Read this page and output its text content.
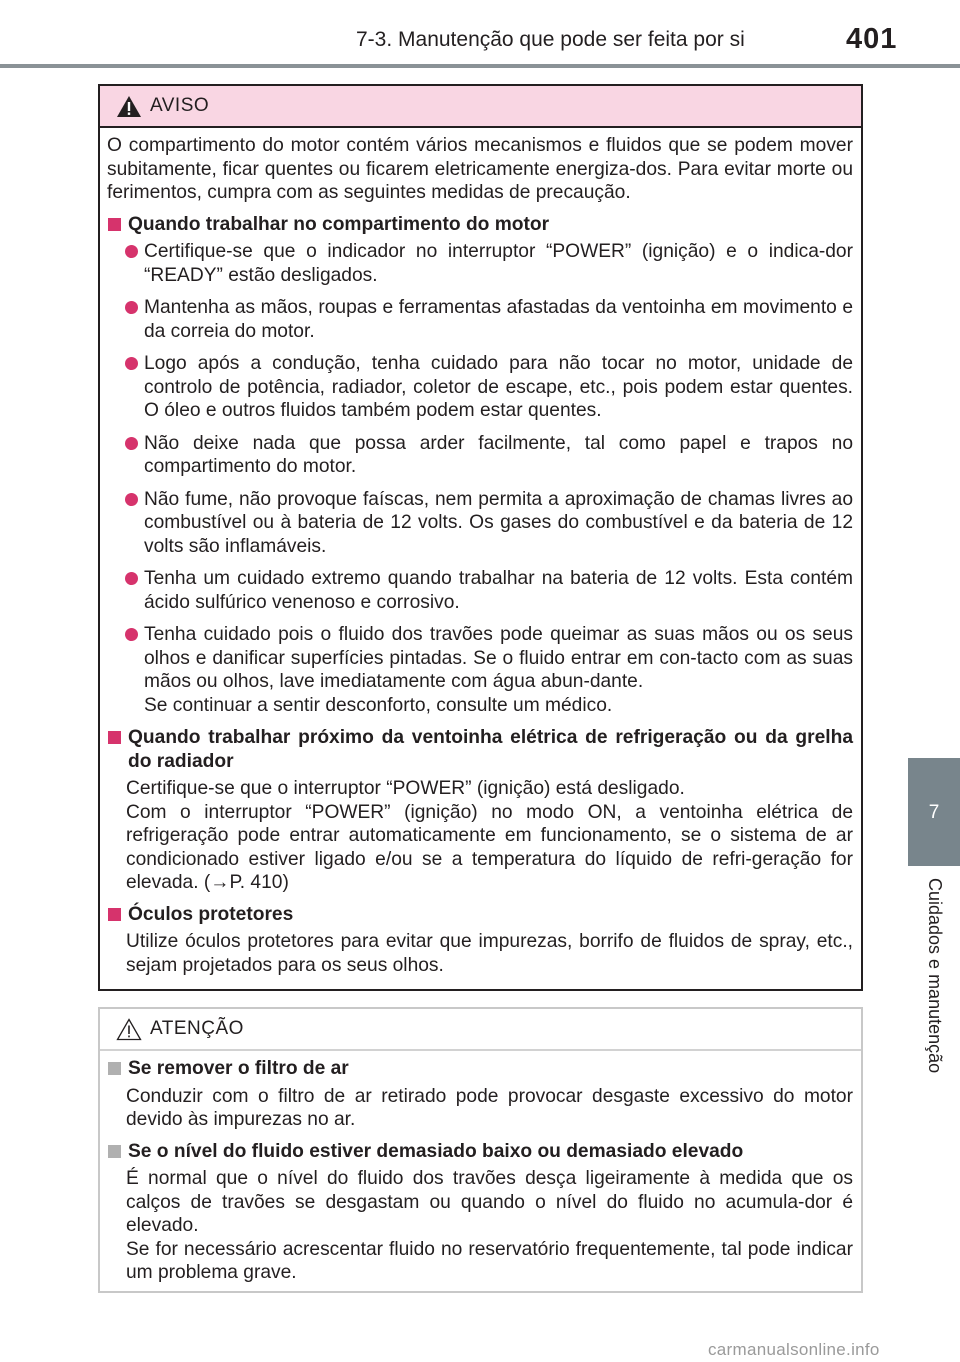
7-3. Manutenção que pode ser feita por si	401
7
Cuidados e manutenção
AVISO

O compartimento do motor contém vários mecanismos e fluidos que se podem mover subitamente, ficar quentes ou ficarem eletricamente energiza-dos. Para evitar morte ou ferimentos, cumpra com as seguintes medidas de precaução.

Quando trabalhar no compartimento do motor
Certifique-se que o indicador no interruptor “POWER” (ignição) e o indica-dor “READY” estão desligados.
Mantenha as mãos, roupas e ferramentas afastadas da ventoinha em movimento e da correia do motor.
Logo após a condução, tenha cuidado para não tocar no motor, unidade de controlo de potência, radiador, coletor de escape, etc., pois podem estar quentes. O óleo e outros fluidos também podem estar quentes.
Não deixe nada que possa arder facilmente, tal como papel e trapos no compartimento do motor.
Não fume, não provoque faíscas, nem permita a aproximação de chamas livres ao combustível ou à bateria de 12 volts. Os gases do combustível e da bateria de 12 volts são inflamáveis.
Tenha um cuidado extremo quando trabalhar na bateria de 12 volts. Esta contém ácido sulfúrico venenoso e corrosivo.
Tenha cuidado pois o fluido dos travões pode queimar as suas mãos ou os seus olhos e danificar superfícies pintadas. Se o fluido entrar em con-tacto com as suas mãos ou olhos, lave imediatamente com água abun-dante.
Se continuar a sentir desconforto, consulte um médico.
Quando trabalhar próximo da ventoinha elétrica de refrigeração ou da grelha do radiador
Certifique-se que o interruptor “POWER” (ignição) está desligado.
Com o interruptor “POWER” (ignição) no modo ON, a ventoinha elétrica de refrigeração pode entrar automaticamente em funcionamento, se o sistema de ar condicionado estiver ligado e/ou se a temperatura do líquido de refri-geração for elevada. (→P. 410)
Óculos protetores
Utilize óculos protetores para evitar que impurezas, borrifo de fluidos de spray, etc., sejam projetados para os seus olhos.
ATENÇÃO
Se remover o filtro de ar
Conduzir com o filtro de ar retirado pode provocar desgaste excessivo do motor devido às impurezas no ar.
Se o nível do fluido estiver demasiado baixo ou demasiado elevado
É normal que o nível do fluido dos travões desça ligeiramente à medida que os calços de travões se desgastam ou quando o nível do fluido no acumula-dor é elevado.
Se for necessário acrescentar fluido no reservatório frequentemente, tal pode indicar um problema grave.
carmanualsonline.info
